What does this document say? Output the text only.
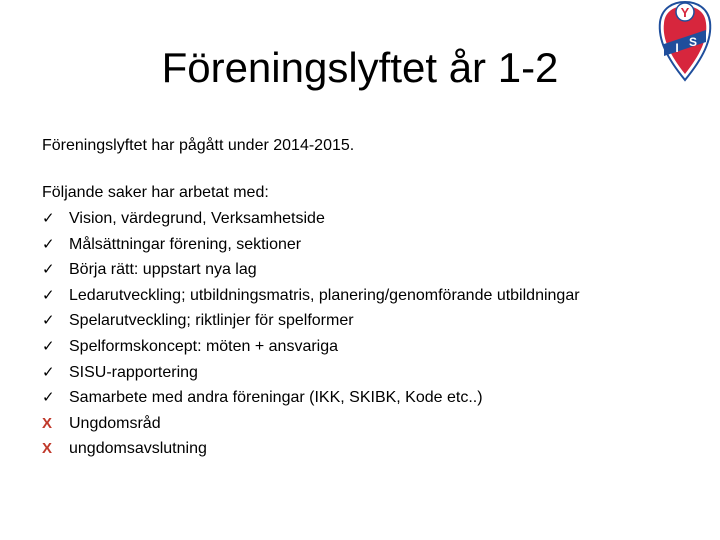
Föreningslyftet år 1-2
Y
I S

Föreningslyftet har pågått under 2014-2015.

Följande saker har arbetat med:

✓ Vision, värdegrund, Verksamhetside
✓ Målsättningar förening, sektioner
✓ Börja rätt: uppstart nya lag
✓ Ledarutveckling; utbildningsmatris, planering/genomförande utbildningar
✓ Spelarutveckling; riktlinjer för spelformer
✓ Spelformskoncept: möten + ansvariga
✓ SISU-rapportering
✓ Samarbete med andra föreningar (IKK, SKIBK, Kode etc..)
X	Ungdomsråd
X	ungdomsavslutning
